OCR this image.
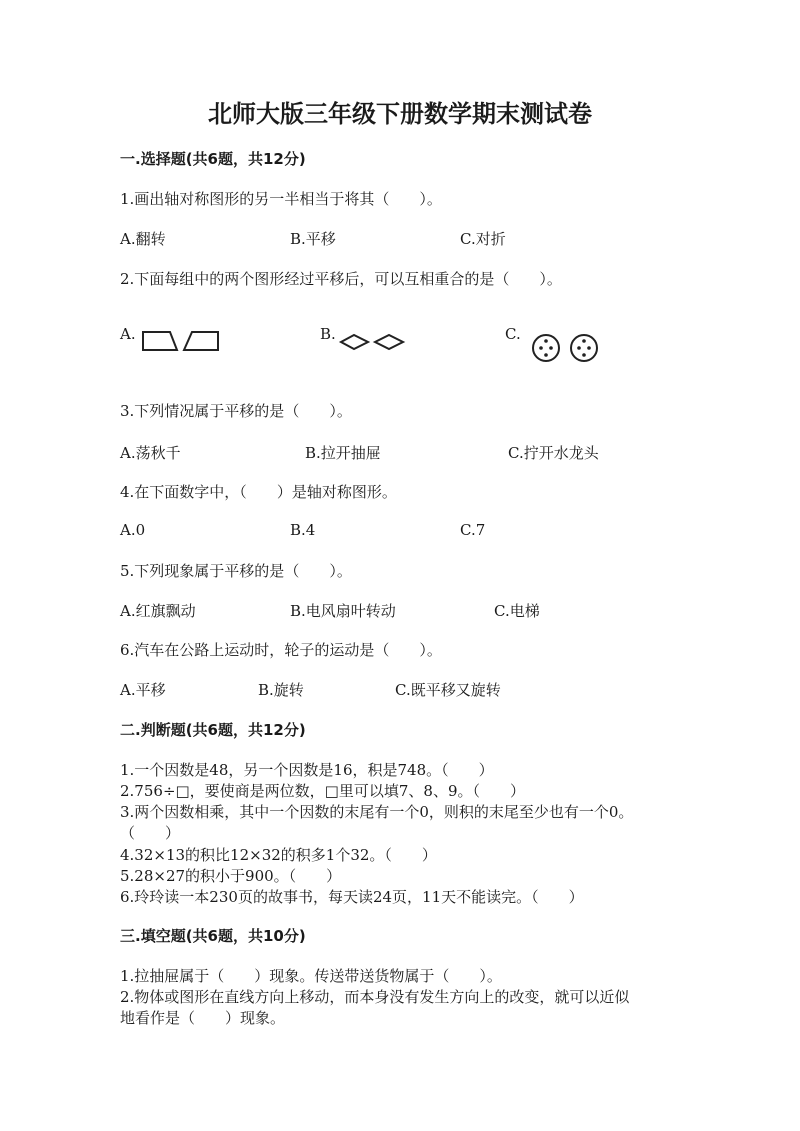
北师大版三年级下册数学期末测试卷
一.选择题(共6题，共12分)
1.画出轴对称图形的另一半相当于将其（　　）。
A.翻转	B.平移	C.对折
2.下面每组中的两个图形经过平移后，可以互相重合的是（　　）。
A.	B.	C.
3.下列情况属于平移的是（　　）。
A.荡秋千	B.拉开抽屉	C.拧开水龙头
4.在下面数字中，（　　）是轴对称图形。
A.0	B.4	C.7
5.下列现象属于平移的是（　　）。
A.红旗飘动	B.电风扇叶转动	C.电梯
6.汽车在公路上运动时，轮子的运动是（　　）。
A.平移	B.旋转	C.既平移又旋转
二.判断题(共6题，共12分)
1.一个因数是48，另一个因数是16，积是748。（　　）
2.756÷□，要使商是两位数，□里可以填7、8、9。（　　）
3.两个因数相乘，其中一个因数的末尾有一个0，则积的末尾至少也有一个0。
（　　）
4.32×13的积比12×32的积多1个32。（　　）
5.28×27的积小于900。（　　）
6.玲玲读一本230页的故事书，每天读24页，11天不能读完。（　　）
三.填空题(共6题，共10分)
1.拉抽屉属于（　　）现象。传送带送货物属于（　　）。
2.物体或图形在直线方向上移动，而本身没有发生方向上的改变，就可以近似
地看作是（　　）现象。
